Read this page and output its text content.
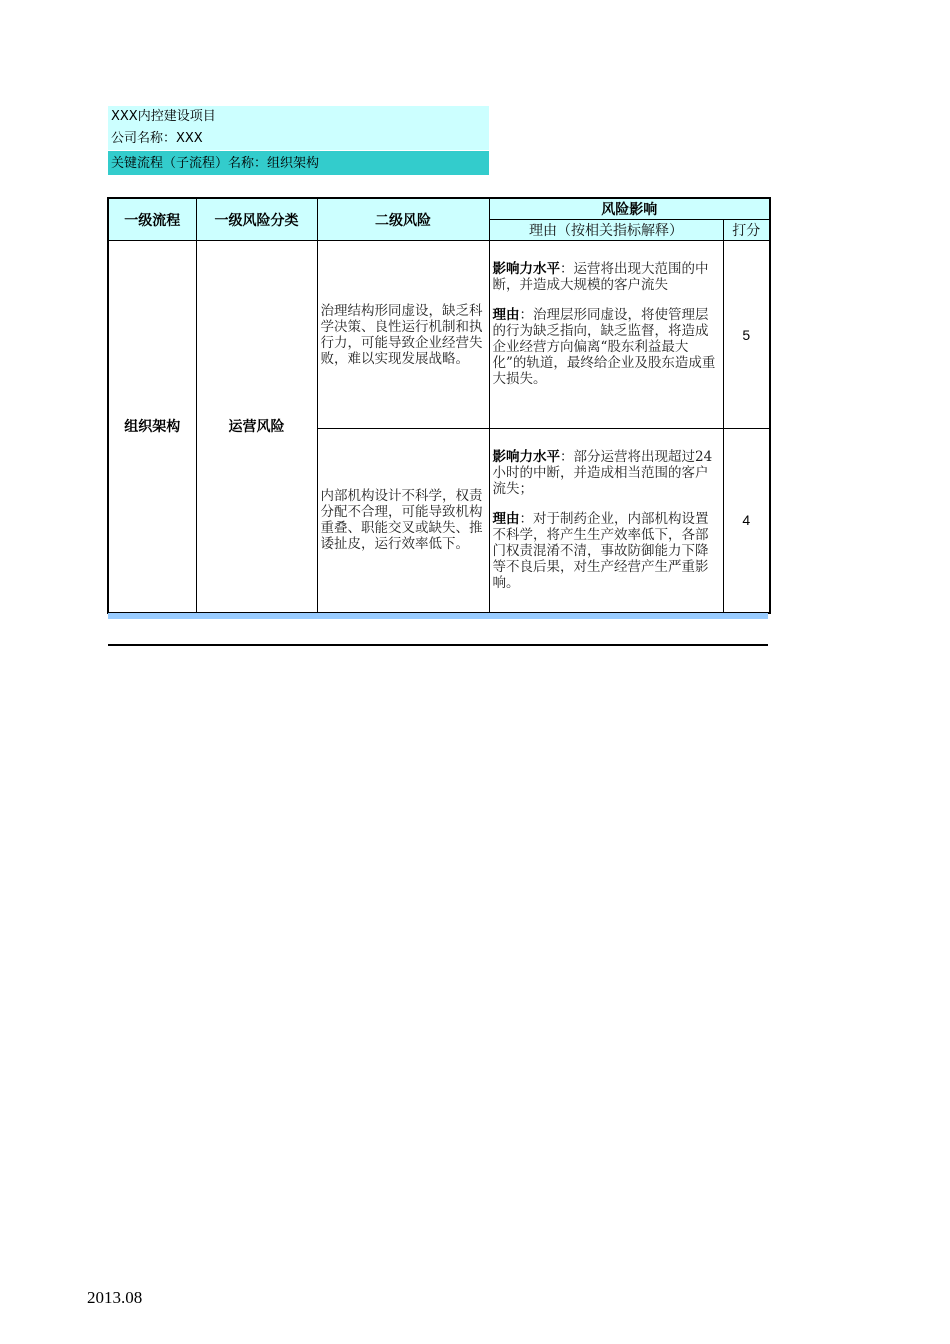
XXX内控建设项目
公司名称：XXX
关键流程（子流程）名称：组织架构
一级流程	一级风险分类	二级风险	风险影响	
			理由（按相关指标解释）	打分
组织架构	运营风险	治理结构形同虚设，缺乏科学决策、良性运行机制和执行力，可能导致企业经营失败，难以实现发展战略。	影响力水平：运营将出现大范围的中断，并造成大规模的客户流失

理由：治理层形同虚设，将使管理层的行为缺乏指向，缺乏监督，将造成企业经营方向偏离“股东利益最大化”的轨道，最终给企业及股东造成重大损失。	5
		内部机构设计不科学，权责分配不合理，可能导致机构重叠、职能交叉或缺失、推诿扯皮，运行效率低下。	影响力水平：部分运营将出现超过24小时的中断，并造成相当范围的客户流失；

理由：对于制药企业，内部机构设置不科学，将产生生产效率低下，各部门权责混淆不清，事故防御能力下降等不良后果，对生产经营产生严重影响。	4
2013.08
